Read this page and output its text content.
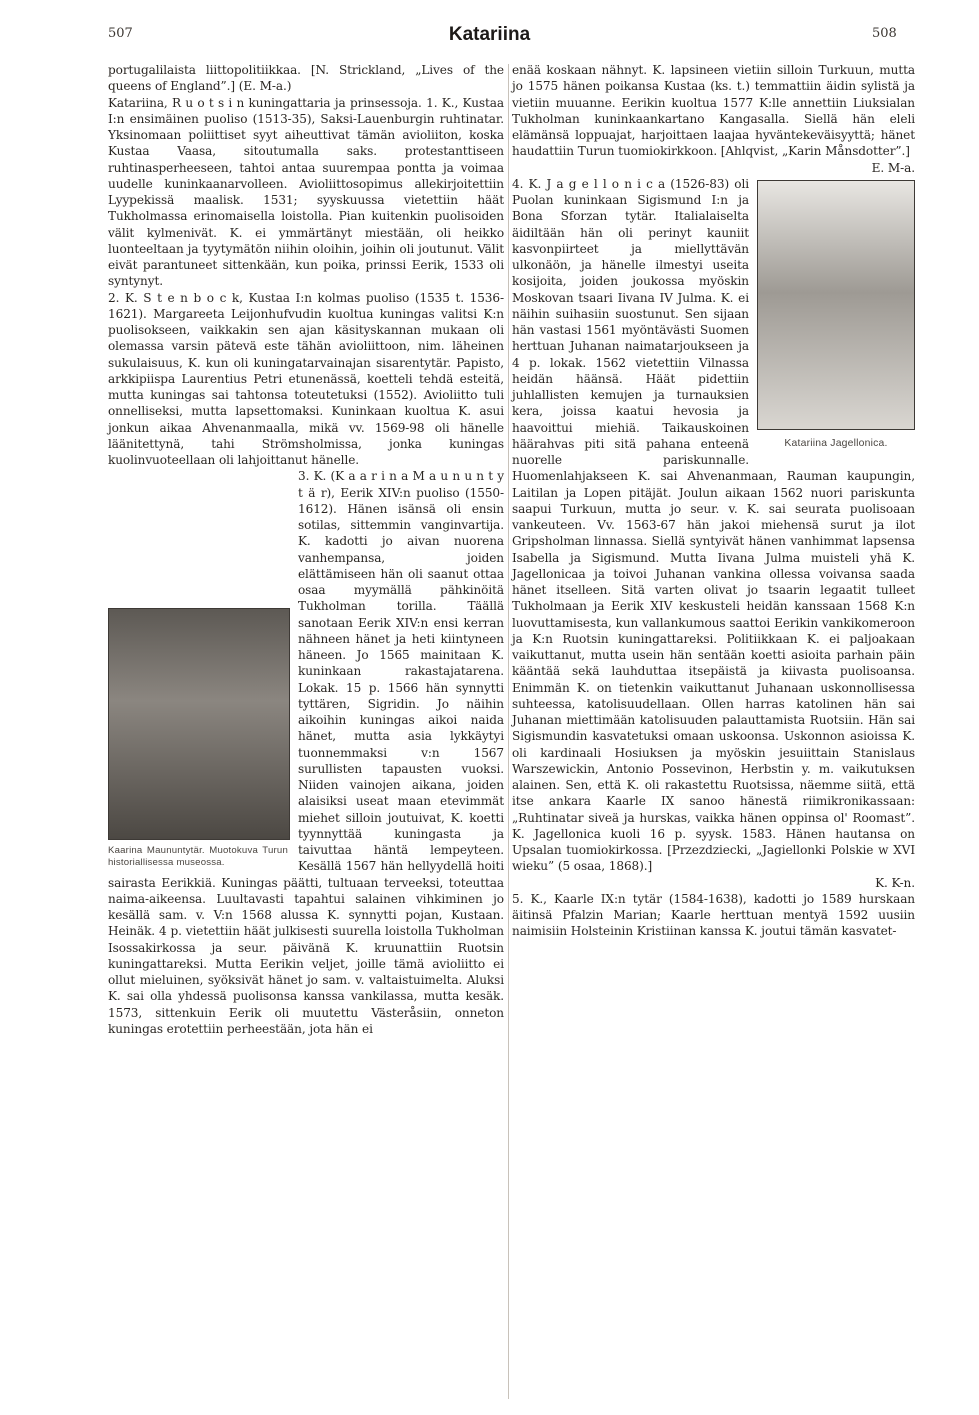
507	Katariina	508

portugalilaista liittopolitiikkaa. [N. Strickland, „Lives of the queens of England”.] (E. M-a.)

Katariina, R u o t s i n kuningattaria ja prinsessoja. 1. K., Kustaa I:n ensimäinen puoliso (1513-35), Saksi-Lauenburgin ruhtinatar. Yksinomaan poliittiset syyt aiheuttivat tämän avioliiton, koska Kustaa Vaasa, sitoutumalla saks. protestanttiseen ruhtinasperheeseen, tahtoi antaa suurempaa pontta ja voimaa uudelle kuninkaanarvolleen. Avioliittosopimus allekirjoitettiin Lyypekissä maalisk. 1531; syyskuussa vietettiin häät Tukholmassa erinomaisella loistolla. Pian kuitenkin puolisoiden välit kylmenivät. K. ei ymmärtänyt miestään, oli heikko luonteeltaan ja tyytymätön niihin oloihin, joihin oli joutunut. Välit eivät parantuneet sittenkään, kun poika, prinssi Eerik, 1533 oli syntynyt.

2. K. S t e n b o c k, Kustaa I:n kolmas puoliso (1535 t. 1536-1621). Margareeta Leijonhufvudin kuoltua kuningas valitsi K:n puolisokseen, vaikkakin sen ajan käsityskannan mukaan oli olemassa varsin pätevä este tähän avioliittoon, nim. läheinen sukulaisuus, K. kun oli kuningatarvainajan sisarentytär. Papisto, arkkipiispa Laurentius Petri etunenässä, koetteli tehdä esteitä, mutta kuningas sai tahtonsa toteutetuksi (1552). Avioliitto tuli onnelliseksi, mutta lapsettomaksi. Kuninkaan kuoltua K. asui jonkun aikaa Ahvenanmaalla, mikä vv. 1569-98 oli hänelle läänitettynä, tahi Strömsholmissa, jonka kuningas kuolinvuoteellaan oli lahjoittanut hänelle.

Kaarina Maununtytär. Muotokuva Turun historiallisessa museossa.

3. K. (K a a r i n a M a u n u n t y t ä r), Eerik XIV:n puoliso (1550-1612). Hänen isänsä oli ensin sotilas, sittemmin vanginvartija. K. kadotti jo aivan nuorena vanhempansa, joiden elättämiseen hän oli saanut ottaa osaa myymällä pähkinöitä Tukholman torilla. Täällä sanotaan Eerik XIV:n ensi kerran nähneen hänet ja heti kiintyneen häneen. Jo 1565 mainitaan K. kuninkaan rakastajatarena. Lokak. 15 p. 1566 hän synnytti tyttären, Sigridin. Jo näihin aikoihin kuningas aikoi naida hänet, mutta asia lykkäytyi tuonnemmaksi v:n 1567 surullisten tapausten vuoksi. Niiden vainojen aikana, joiden alaisiksi useat maan etevimmät miehet silloin joutuivat, K. koetti tyynnyttää kuningasta ja taivuttaa häntä lempeyteen. Kesällä 1567 hän hellyydellä hoiti sairasta Eerikkiä. Kuningas päätti, tultuaan terveeksi, toteuttaa naima-aikeensa. Luultavasti tapahtui salainen vihkiminen jo kesällä sam. v. V:n 1568 alussa K. synnytti pojan, Kustaan. Heinäk. 4 p. vietettiin häät julkisesti suurella loistolla Tukholman Isossakirkossa ja seur. päivänä K. kruunattiin Ruotsin kuningattareksi. Mutta Eerikin veljet, joille tämä avioliitto ei ollut mieluinen, syöksivät hänet jo sam. v. valtaistuimelta. Aluksi K. sai olla yhdessä puolisonsa kanssa vankilassa, mutta kesäk. 1573, sittenkuin Eerik oli muutettu Västeråsiin, onneton kuningas erotettiin perheestään, jota hän ei

enää koskaan nähnyt. K. lapsineen vietiin silloin Turkuun, mutta jo 1575 hänen poikansa Kustaa (ks. t.) temmattiin äidin sylistä ja vietiin muuanne. Eerikin kuoltua 1577 K:lle annettiin Liuksialan Tukholman kuninkaankartano Kangasalla. Siellä hän eleli elämänsä loppuajat, harjoittaen laajaa hyväntekeväisyyttä; hänet haudattiin Turun tuomiokirkkoon. [Ahlqvist, „Karin Månsdotter”.]

E. M-a.

Katariina Jagellonica.

4. K. J a g e l l o n i c a (1526-83) oli Puolan kuninkaan Sigismund I:n ja Bona Sforzan tytär. Italialaiselta äidiltään hän oli perinyt kauniit kasvonpiirteet ja miellyttävän ulkonäön, ja hänelle ilmestyi useita kosijoita, joiden joukossa myöskin Moskovan tsaari Iivana IV Julma. K. ei näihin suihasiin suostunut. Sen sijaan hän vastasi 1561 myöntävästi Suomen herttuan Juhanan naimatarjoukseen ja 4 p. lokak. 1562 vietettiin Vilnassa heidän häänsä. Häät pidettiin juhlallisten kemujen ja turnauksien kera, joissa kaatui hevosia ja haavoittui miehiä. Taikauskoinen häärahvas piti sitä pahana enteenä nuorelle pariskunnalle. Huomenlahjakseen K. sai Ahvenanmaan, Rauman kaupungin, Laitilan ja Lopen pitäjät. Joulun aikaan 1562 nuori pariskunta saapui Turkuun, mutta jo seur. v. K. sai seurata puolisoaan vankeuteen. Vv. 1563-67 hän jakoi miehensä surut ja ilot Gripsholman linnassa. Siellä syntyivät hänen vanhimmat lapsensa Isabella ja Sigismund. Mutta Iivana Julma muisteli yhä K. Jagellonicaa ja toivoi Juhanan vankina ollessa voivansa saada hänet itselleen. Sitä varten olivat jo tsaarin legaatit tulleet Tukholmaan ja Eerik XIV keskusteli heidän kanssaan 1568 K:n luovuttamisesta, kun vallankumous saattoi Eerikin vankikomeroon ja K:n Ruotsin kuningattareksi. Politiikkaan K. ei paljoakaan vaikuttanut, mutta usein hän sentään koetti asioita parhain päin kääntää sekä lauhduttaa itsepäistä ja kiivasta puolisoansa. Enimmän K. on tietenkin vaikuttanut Juhanaan uskonnollisessa suhteessa, katolisuudellaan. Ollen harras katolinen hän sai Juhanan miettimään katolisuuden palauttamista Ruotsiin. Hän sai Sigismundin kasvatetuksi omaan uskoonsa. Uskonnon asioissa K. oli kardinaali Hosiuksen ja myöskin jesuiittain Stanislaus Warszewickin, Antonio Possevinon, Herbstin y. m. vaikutuksen alainen. Sen, että K. oli rakastettu Ruotsissa, näemme siitä, että itse ankara Kaarle IX sanoo hänestä riimikronikassaan: „Ruhtinatar siveä ja hurskas, vaikka hänen oppinsa ol' Roomast”. K. Jagellonica kuoli 16 p. syysk. 1583. Hänen hautansa on Upsalan tuomiokirkossa. [Przezdziecki, „Jagiellonki Polskie w XVI wieku” (5 osaa, 1868).]

K. K-n.

5. K., Kaarle IX:n tytär (1584-1638), kadotti jo 1589 hurskaan äitinsä Pfalzin Marian; Kaarle herttuan mentyä 1592 uusiin naimisiin Holsteinin Kristiinan kanssa K. joutui tämän kasvatet-
